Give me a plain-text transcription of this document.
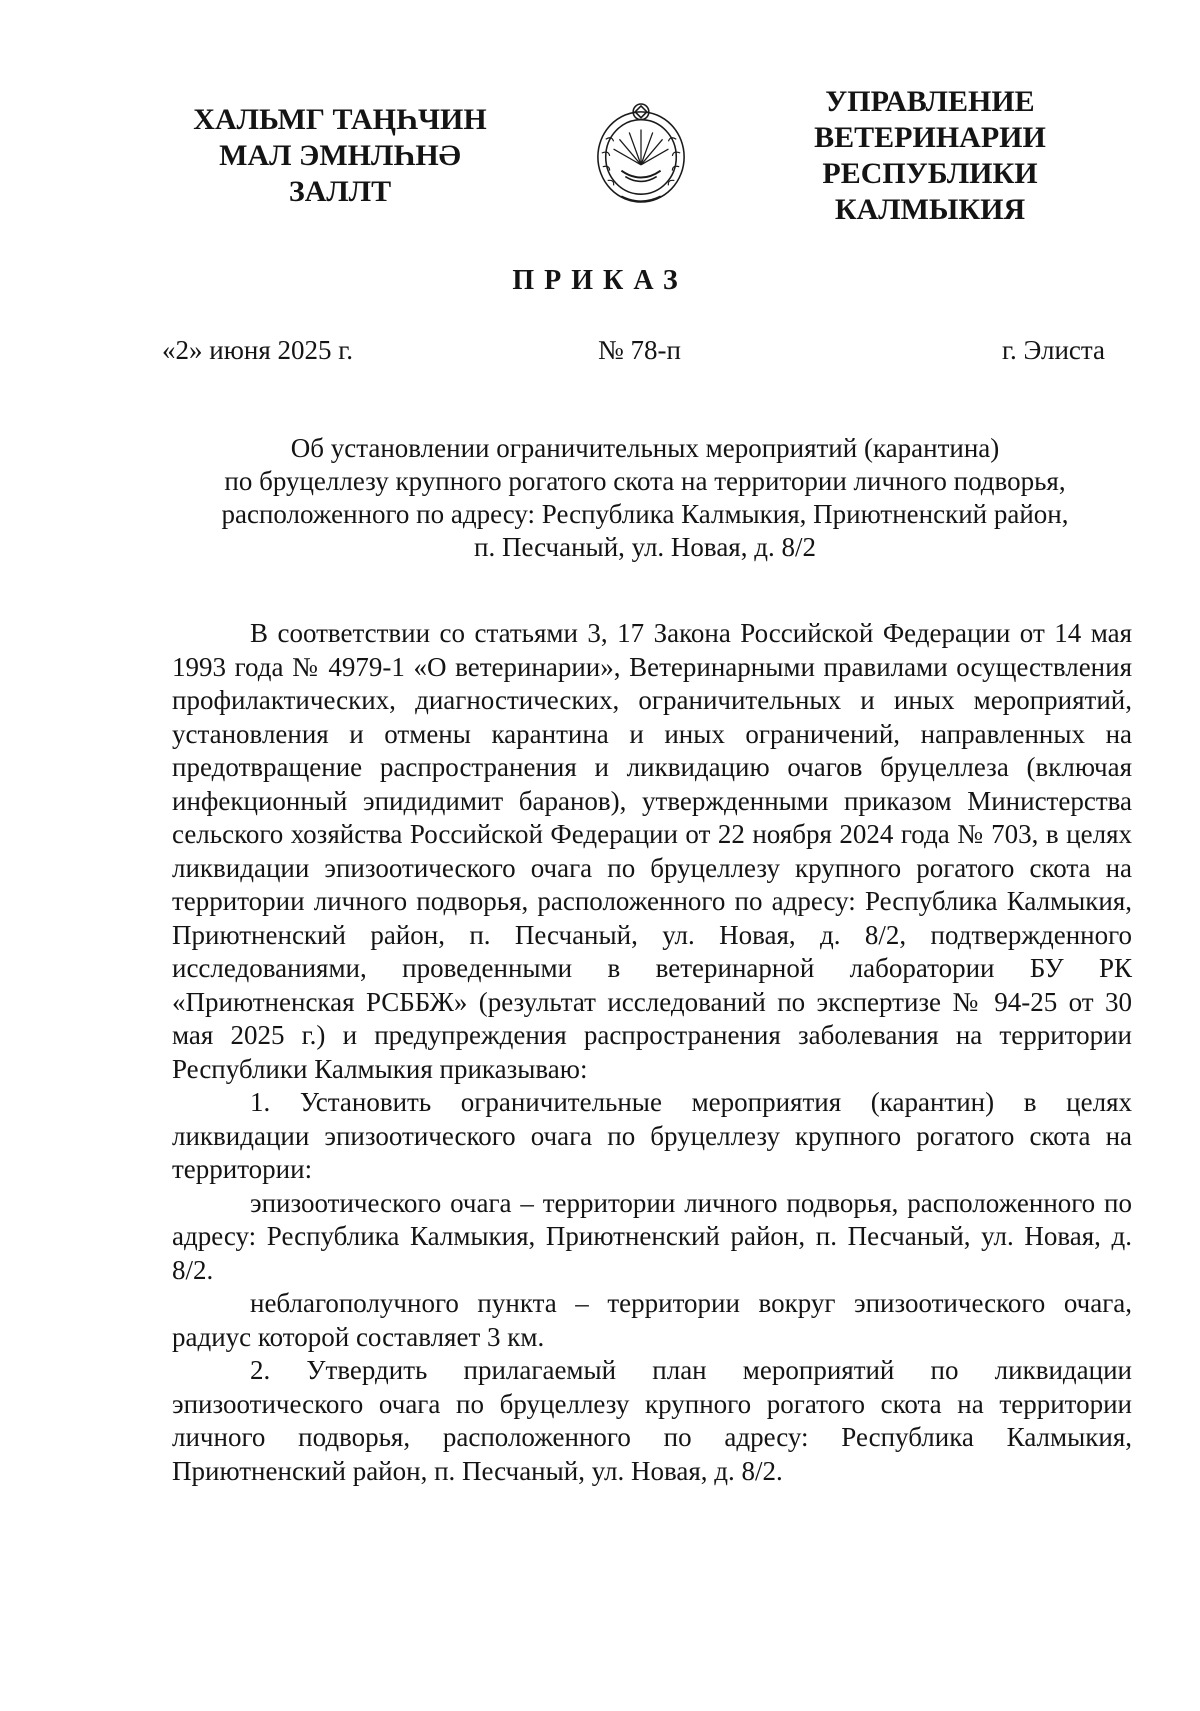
ХАЛЬМГ ТАҢҺЧИН
МАЛ ЭМНЛҺНӘ
ЗАЛЛТ
УПРАВЛЕНИЕ
ВЕТЕРИНАРИИ
РЕСПУБЛИКИ
КАЛМЫКИЯ
ПРИКАЗ
«2» июня 2025 г.	№ 78-п	г. Элиста
Об установлении ограничительных мероприятий (карантина)
по бруцеллезу крупного рогатого скота на территории личного подворья,
расположенного по адресу: Республика Калмыкия, Приютненский район,
п. Песчаный, ул. Новая, д. 8/2

В соответствии со статьями 3, 17 Закона Российской Федерации от 14 мая 1993 года № 4979-1 «О ветеринарии», Ветеринарными правилами осуществления профилактических, диагностических, ограничительных и иных мероприятий, установления и отмены карантина и иных ограничений, направленных на предотвращение распространения и ликвидацию очагов бруцеллеза (включая инфекционный эпидидимит баранов), утвержденными приказом Министерства сельского хозяйства Российской Федерации от 22 ноября 2024 года № 703, в целях ликвидации эпизоотического очага по бруцеллезу крупного рогатого скота на территории личного подворья, расположенного по адресу: Республика Калмыкия, Приютненский район, п. Песчаный, ул. Новая, д. 8/2, подтвержденного исследованиями, проведенными в ветеринарной лаборатории БУ РК «Приютненская РСББЖ» (результат исследований по экспертизе № 94-25 от 30 мая 2025 г.) и предупреждения распространения заболевания на территории Республики Калмыкия приказываю:

1. Установить ограничительные мероприятия (карантин) в целях ликвидации эпизоотического очага по бруцеллезу крупного рогатого скота на территории:

эпизоотического очага – территории личного подворья, расположенного по адресу: Республика Калмыкия, Приютненский район, п. Песчаный, ул. Новая, д. 8/2.

неблагополучного пункта – территории вокруг эпизоотического очага, радиус которой составляет 3 км.

2. Утвердить прилагаемый план мероприятий по ликвидации эпизоотического очага по бруцеллезу крупного рогатого скота на территории личного подворья, расположенного по адресу: Республика Калмыкия, Приютненский район, п. Песчаный, ул. Новая, д. 8/2.
